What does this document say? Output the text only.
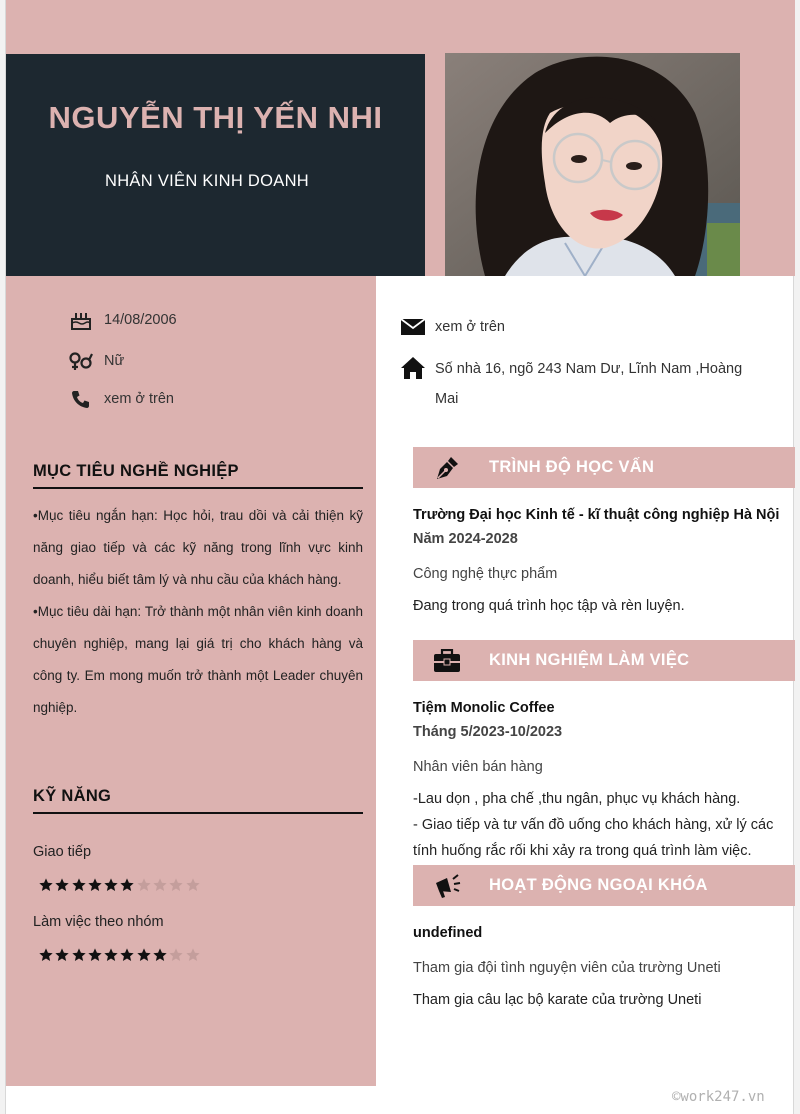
NGUYỄN THỊ YẾN NHI
NHÂN VIÊN KINH DOANH
14/08/2006
Nữ
xem ở trên
xem ở trên
Số nhà 16, ngõ 243 Nam Dư, Lĩnh Nam ,Hoàng Mai
MỤC TIÊU NGHỀ NGHIỆP

•Mục tiêu ngắn hạn: Học hỏi, trau dồi và cải thiện kỹ năng giao tiếp và các kỹ năng trong lĩnh vực kinh doanh, hiểu biết tâm lý và nhu cầu của khách hàng.

•Mục tiêu dài hạn: Trở thành một nhân viên kinh doanh chuyên nghiệp, mang lại giá trị cho khách hàng và công ty. Em mong muốn trở thành một Leader chuyên nghiệp.

KỸ NĂNG
Giao tiếp
Làm việc theo nhóm
TRÌNH ĐỘ HỌC VẤN
Trường Đại học Kinh tế - kĩ thuật công nghiệp Hà Nội
Năm 2024-2028
Công nghệ thực phẩm
Đang trong quá trình học tập và rèn luyện.
KINH NGHIỆM LÀM VIỆC
Tiệm Monolic Coffee
Tháng 5/2023-10/2023
Nhân viên bán hàng
-Lau dọn , pha chế ,thu ngân, phục vụ khách hàng.
- Giao tiếp và tư vấn đồ uống cho khách hàng, xử lý các tính huống rắc rối khi xảy ra trong quá trình làm việc.
HOẠT ĐỘNG NGOẠI KHÓA
undefined
Tham gia đội tình nguyện viên của trường Uneti
Tham gia câu lạc bộ karate của trường Uneti
©work247.vn
